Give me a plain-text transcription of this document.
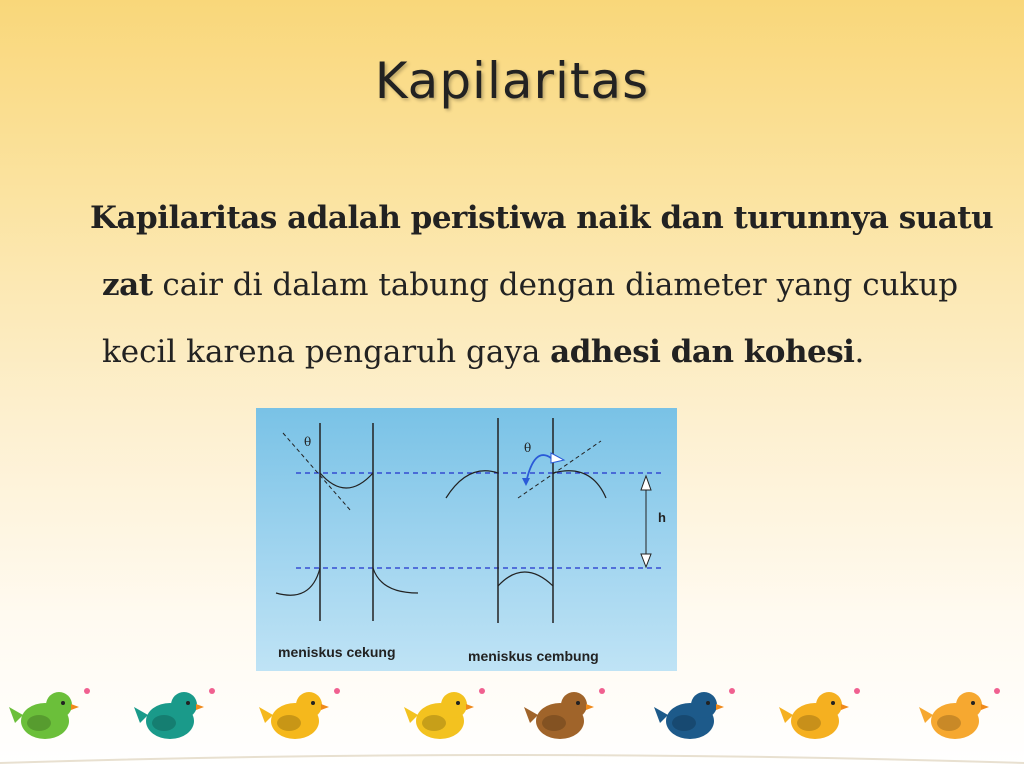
Kapilaritas
Kapilaritas adalah peristiwa naik dan turunnya suatu
zat cair di dalam tabung dengan diameter yang cukup
kecil karena pengaruh gaya adhesi dan kohesi.
θ	θ
h
meniskus cekung	meniskus cembung
